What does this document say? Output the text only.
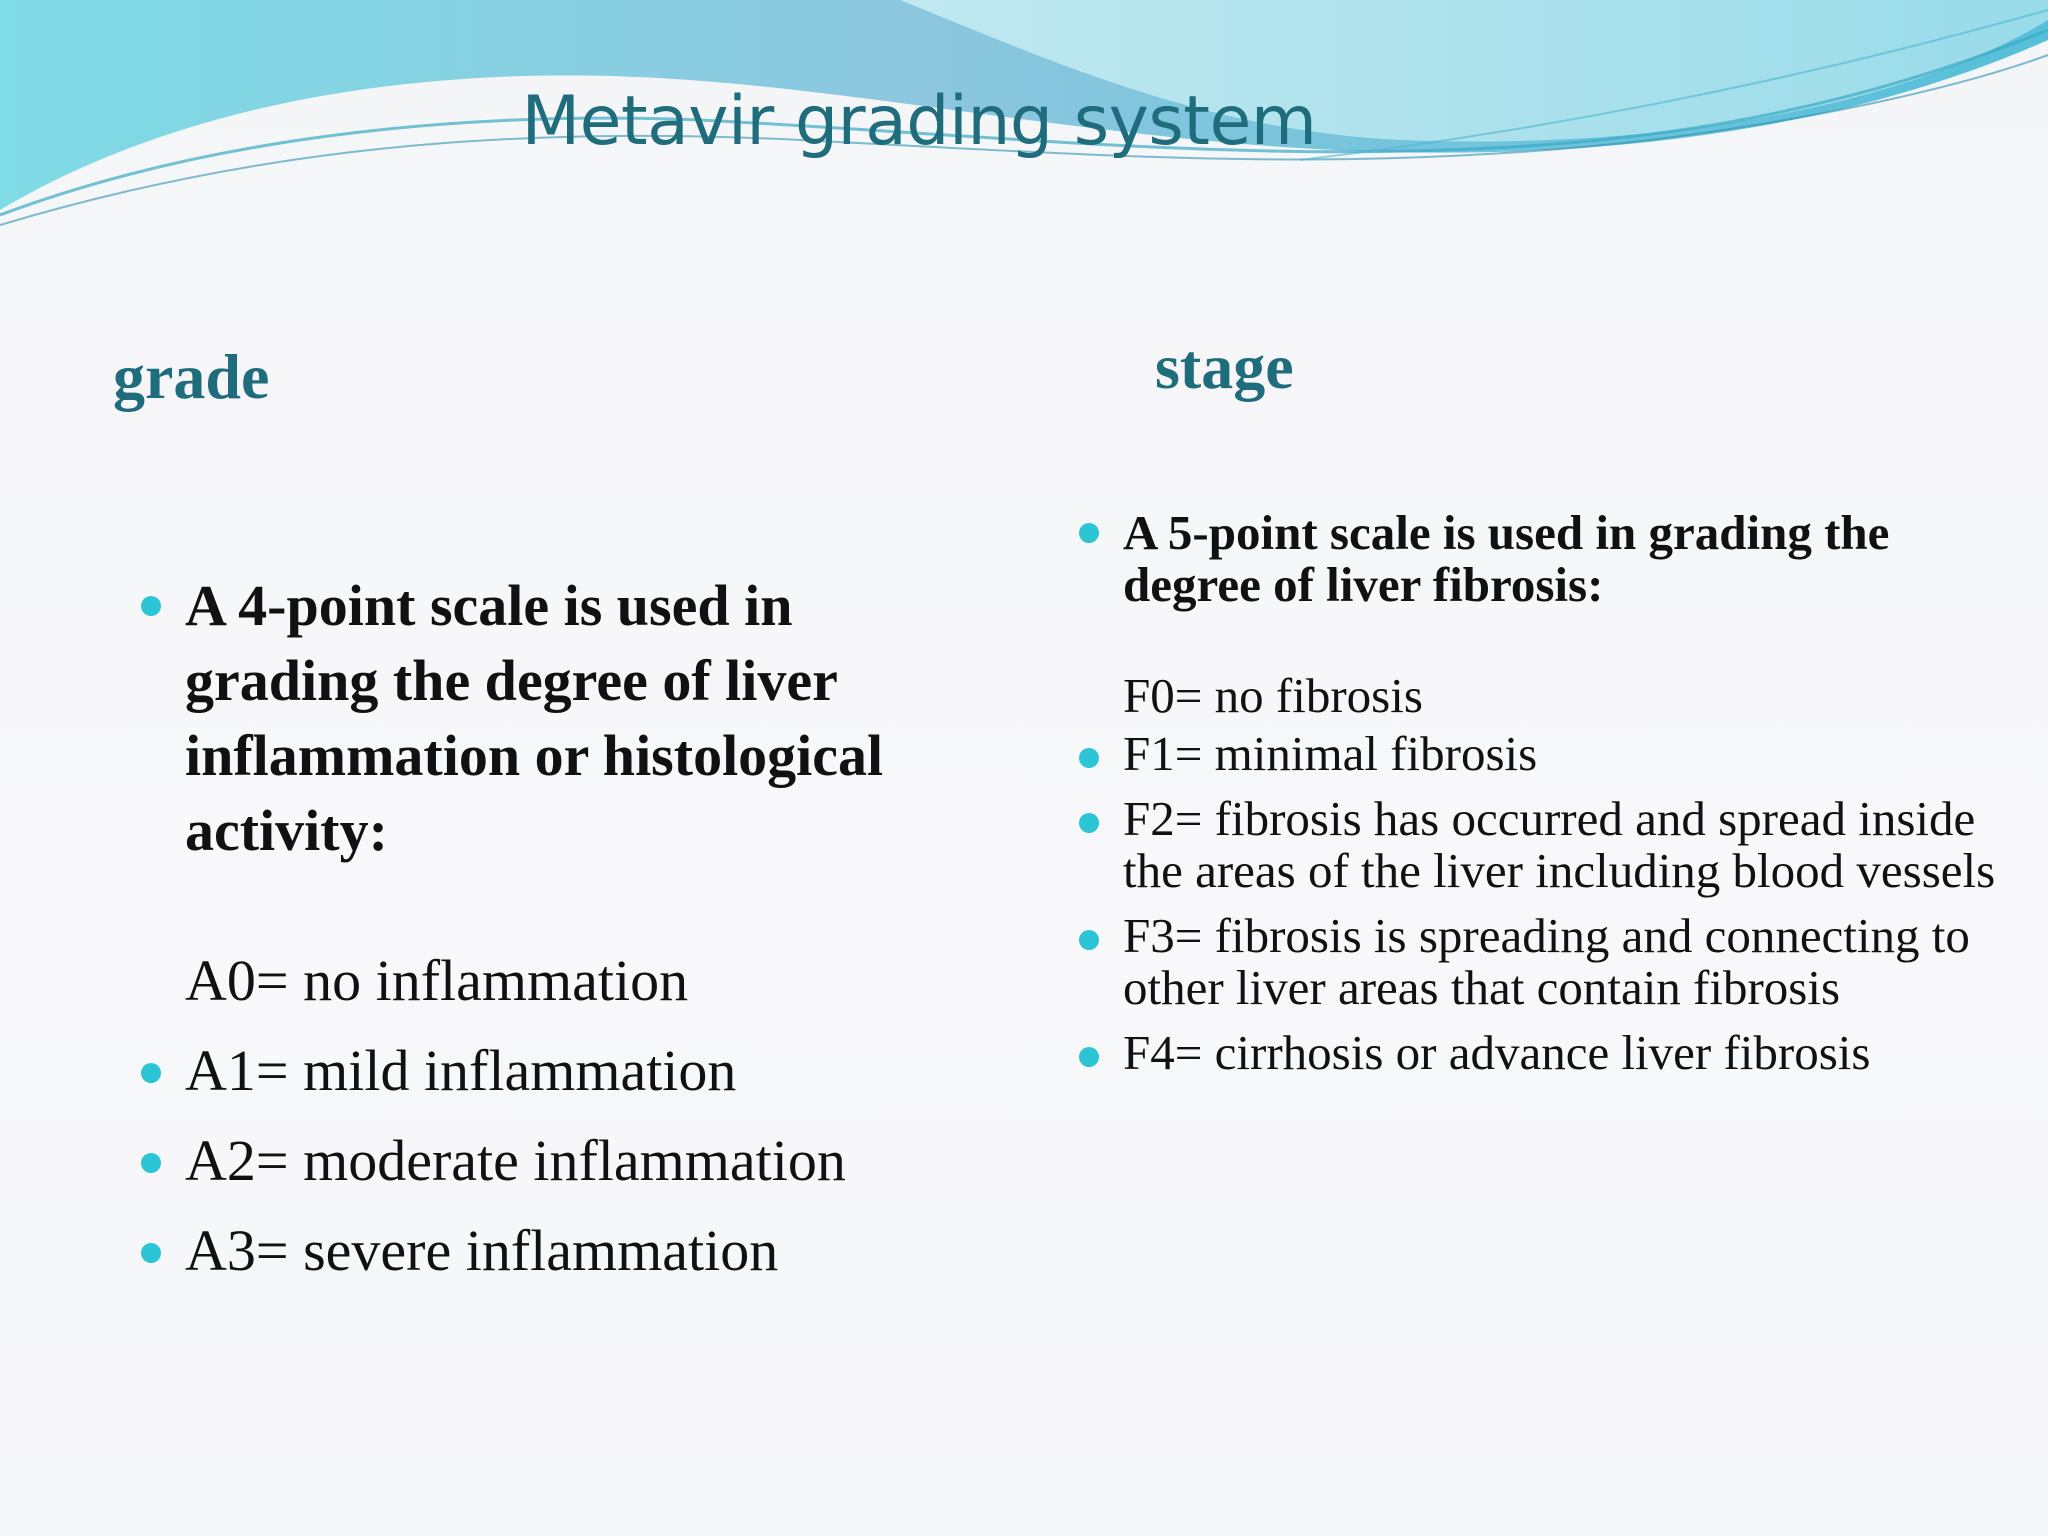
Metavir grading system
grade	stage
A 4-point scale is used in grading the degree of liver inflammation or histological activity:
A0= no inflammation
A1= mild inflammation
A2= moderate inflammation
A3= severe inflammation
A 5-point scale is used in grading the degree of liver fibrosis:
F0= no fibrosis
F1= minimal fibrosis
F2= fibrosis has occurred and spread inside the areas of the liver including blood vessels
F3= fibrosis is spreading and connecting to other liver areas that contain fibrosis
F4= cirrhosis or advance liver fibrosis
